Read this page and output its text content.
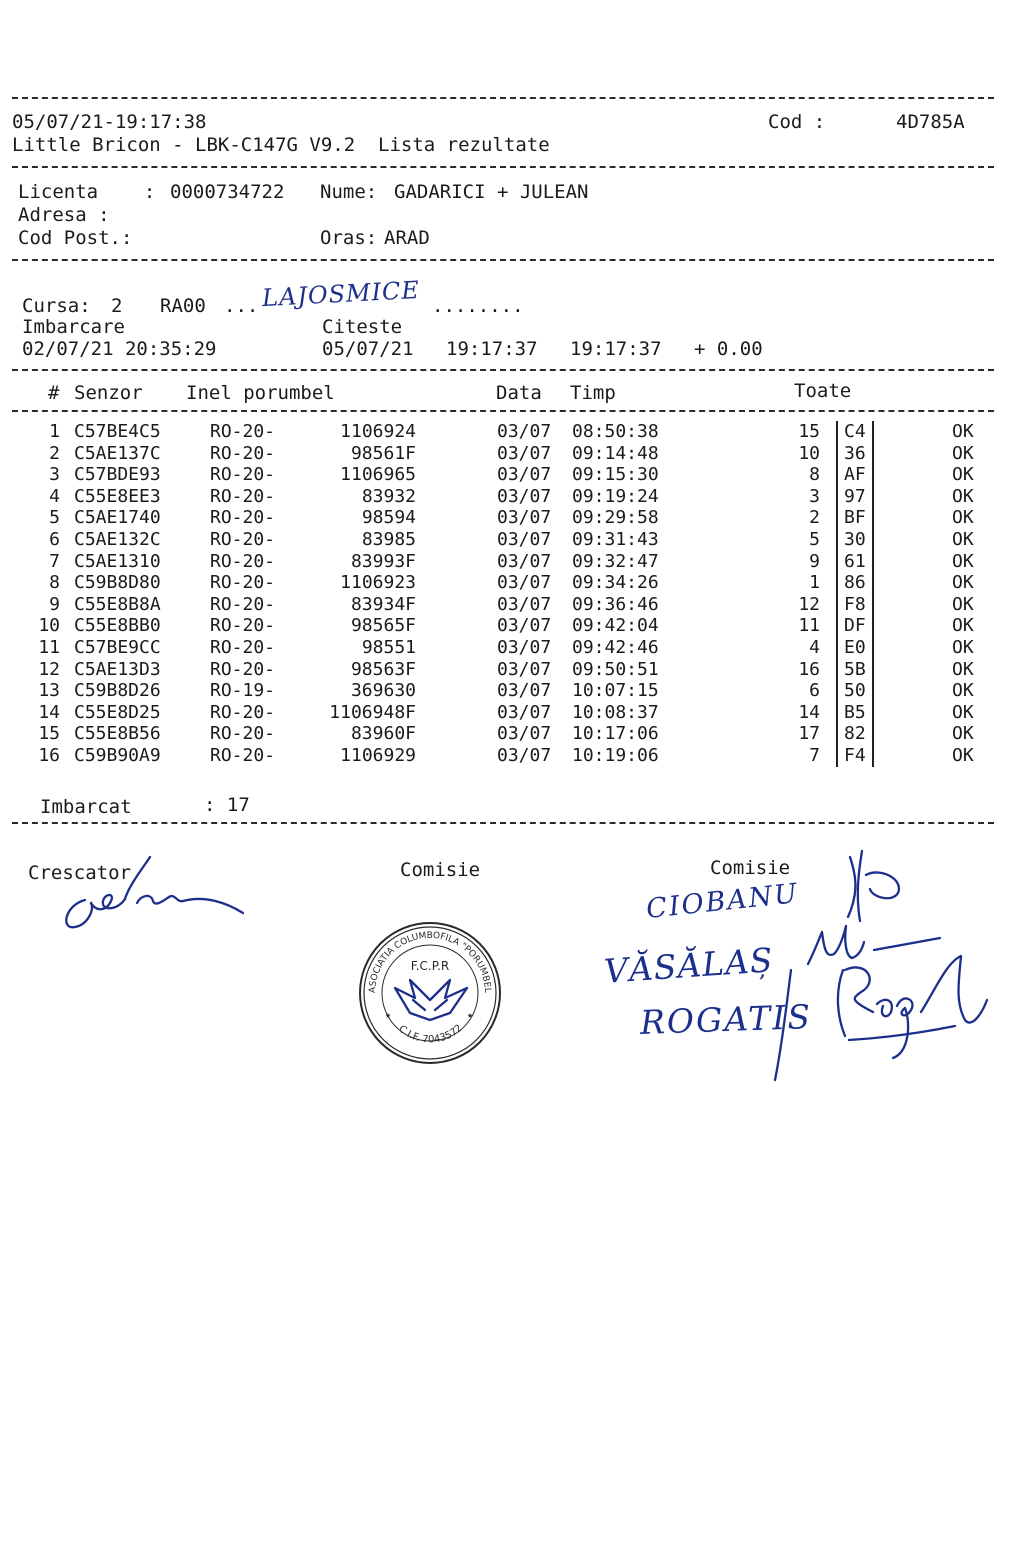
05/07/21-19:17:38	Cod :	4D785A
Little Bricon - LBK-C147G V9.2  Lista rezultate
Licenta    : 0000734722 Nume: GADARICI + JULEAN
Adresa :
Cod Post.:	Oras: ARAD
Cursa: 2 RA00 ... LAJOSMICE ........
Imbarcare	Citeste
02/07/21 20:35:29	05/07/21 19:17:37 19:17:37 + 0.00
# Senzor Inel porumbel	Data Timp	Toate
1 C57BE4C5	RO-20-	1106924	03/07 08:50:38	15	C4	OK
2 C5AE137C	RO-20-	98561F	03/07 09:14:48	10	36	OK
3 C57BDE93	RO-20-	1106965	03/07 09:15:30	8	AF	OK
4 C55E8EE3	RO-20-	83932	03/07 09:19:24	3	97	OK
5 C5AE1740	RO-20-	98594	03/07 09:29:58	2	BF	OK
6 C5AE132C	RO-20-	83985	03/07 09:31:43	5	30	OK
7 C5AE1310	RO-20-	83993F	03/07 09:32:47	9	61	OK
8 C59B8D80	RO-20-	1106923	03/07 09:34:26	1	86	OK
9 C55E8B8A	RO-20-	83934F	03/07 09:36:46	12	F8	OK
10 C55E8BB0	RO-20-	98565F	03/07 09:42:04	11	DF	OK
11 C57BE9CC	RO-20-	98551	03/07 09:42:46	4	E0	OK
12 C5AE13D3	RO-20-	98563F	03/07 09:50:51	16	5B	OK
13 C59B8D26	RO-19-	369630	03/07 10:07:15	6	50	OK
14 C55E8D25	RO-20-	1106948F	03/07 10:08:37	14	B5	OK
15 C55E8B56	RO-20-	83960F	03/07 10:17:06	17	82	OK
16 C59B90A9	RO-20-	1106929	03/07 10:19:06	7	F4	OK
Imbarcat	: 17
Crescator	Comisie	Comisie
ASOCIATIA COLUMBOFILA "PORUMBEL VOIAJOR" ARAD
F.C.P.R
C.I.F. 7043572
★	★
CIOBANU
VĂSĂLAȘ
ROGATIS
